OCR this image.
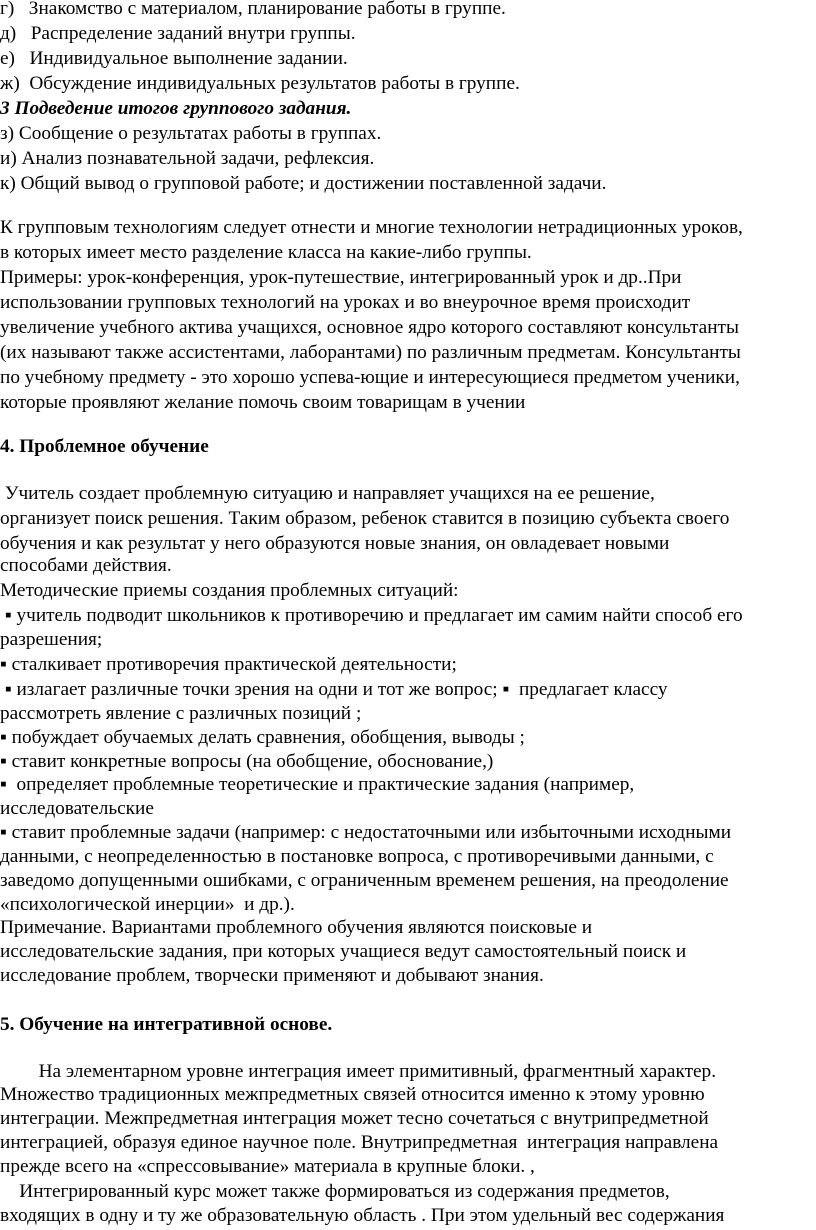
г)   Знакомство с материалом, планирование работы в группе.
д)   Распределение заданий внутри группы.
е)   Индивидуальное выполнение задании.
ж)  Обсуждение индивидуальных результатов работы в группе.
3 Подведение итогов группового задания.
з) Сообщение о результатах работы в группах.
и) Анализ познавательной задачи, рефлексия.
к) Общий вывод о групповой работе; и достижении поставленной задачи.
К групповым технологиям следует отнести и многие технологии нетрадиционных уроков,
в которых имеет место разделение класса на какие-либо группы.
Примеры: урок-конференция, урок-путешествие, интегрированный урок и др..При
использовании групповых технологий на уроках и во внеурочное время происходит
увеличение учебного актива учащихся, основное ядро которого составляют консультанты
(их называют также ассистентами, лаборантами) по различным предметам. Консультанты
по учебному предмету - это хорошо успева-ющие и интересующиеся предметом ученики,
которые проявляют желание помочь своим товарищам в учении
4. Проблемное обучение
Учитель создает проблемную ситуацию и направляет учащихся на ее решение,
организует поиск решения. Таким образом, ребенок ставится в позицию субъекта своего
обучения и как результат у него образуются новые знания, он овладевает новыми
способами действия.
Методические приемы создания проблемных ситуаций:
▪ учитель подводит школьников к противоречию и предлагает им самим найти способ его
разрешения;
▪ сталкивает противоречия практической деятельности;
▪ излагает различные точки зрения на одни и тот же вопрос; ▪  предлагает классу
рассмотреть явление с различных позиций ;
▪ побуждает обучаемых делать сравнения, обобщения, выводы ;
▪ ставит конкретные вопросы (на обобщение, обоснование,)
▪  определяет проблемные теоретические и практические задания (например,
исследовательские
▪ ставит проблемные задачи (например: с недостаточными или избыточными исходными
данными, с неопределенностью в постановке вопроса, с противоречивыми данными, с
заведомо допущенными ошибками, с ограниченным временем решения, на преодоление
«психологической инерции»  и др.).
Примечание. Вариантами проблемного обучения являются поисковые и
исследовательские задания, при которых учащиеся ведут самостоятельный поиск и
исследование проблем, творчески применяют и добывают знания.
5. Обучение на интегративной основе.
На элементарном уровне интеграция имеет примитивный, фрагментный характер.
Множество традиционных межпредметных связей относится именно к этому уровню
интеграции. Межпредметная интеграция может тесно сочетаться с внутрипредметной
интеграцией, образуя единое научное поле. Внутрипредметная  интеграция направлена
прежде всего на «спрессовывание» материала в крупные блоки. ,
Интегрированный курс может также формироваться из содержания предметов,
входящих в одну и ту же образовательную область . При этом удельный вес содержания
